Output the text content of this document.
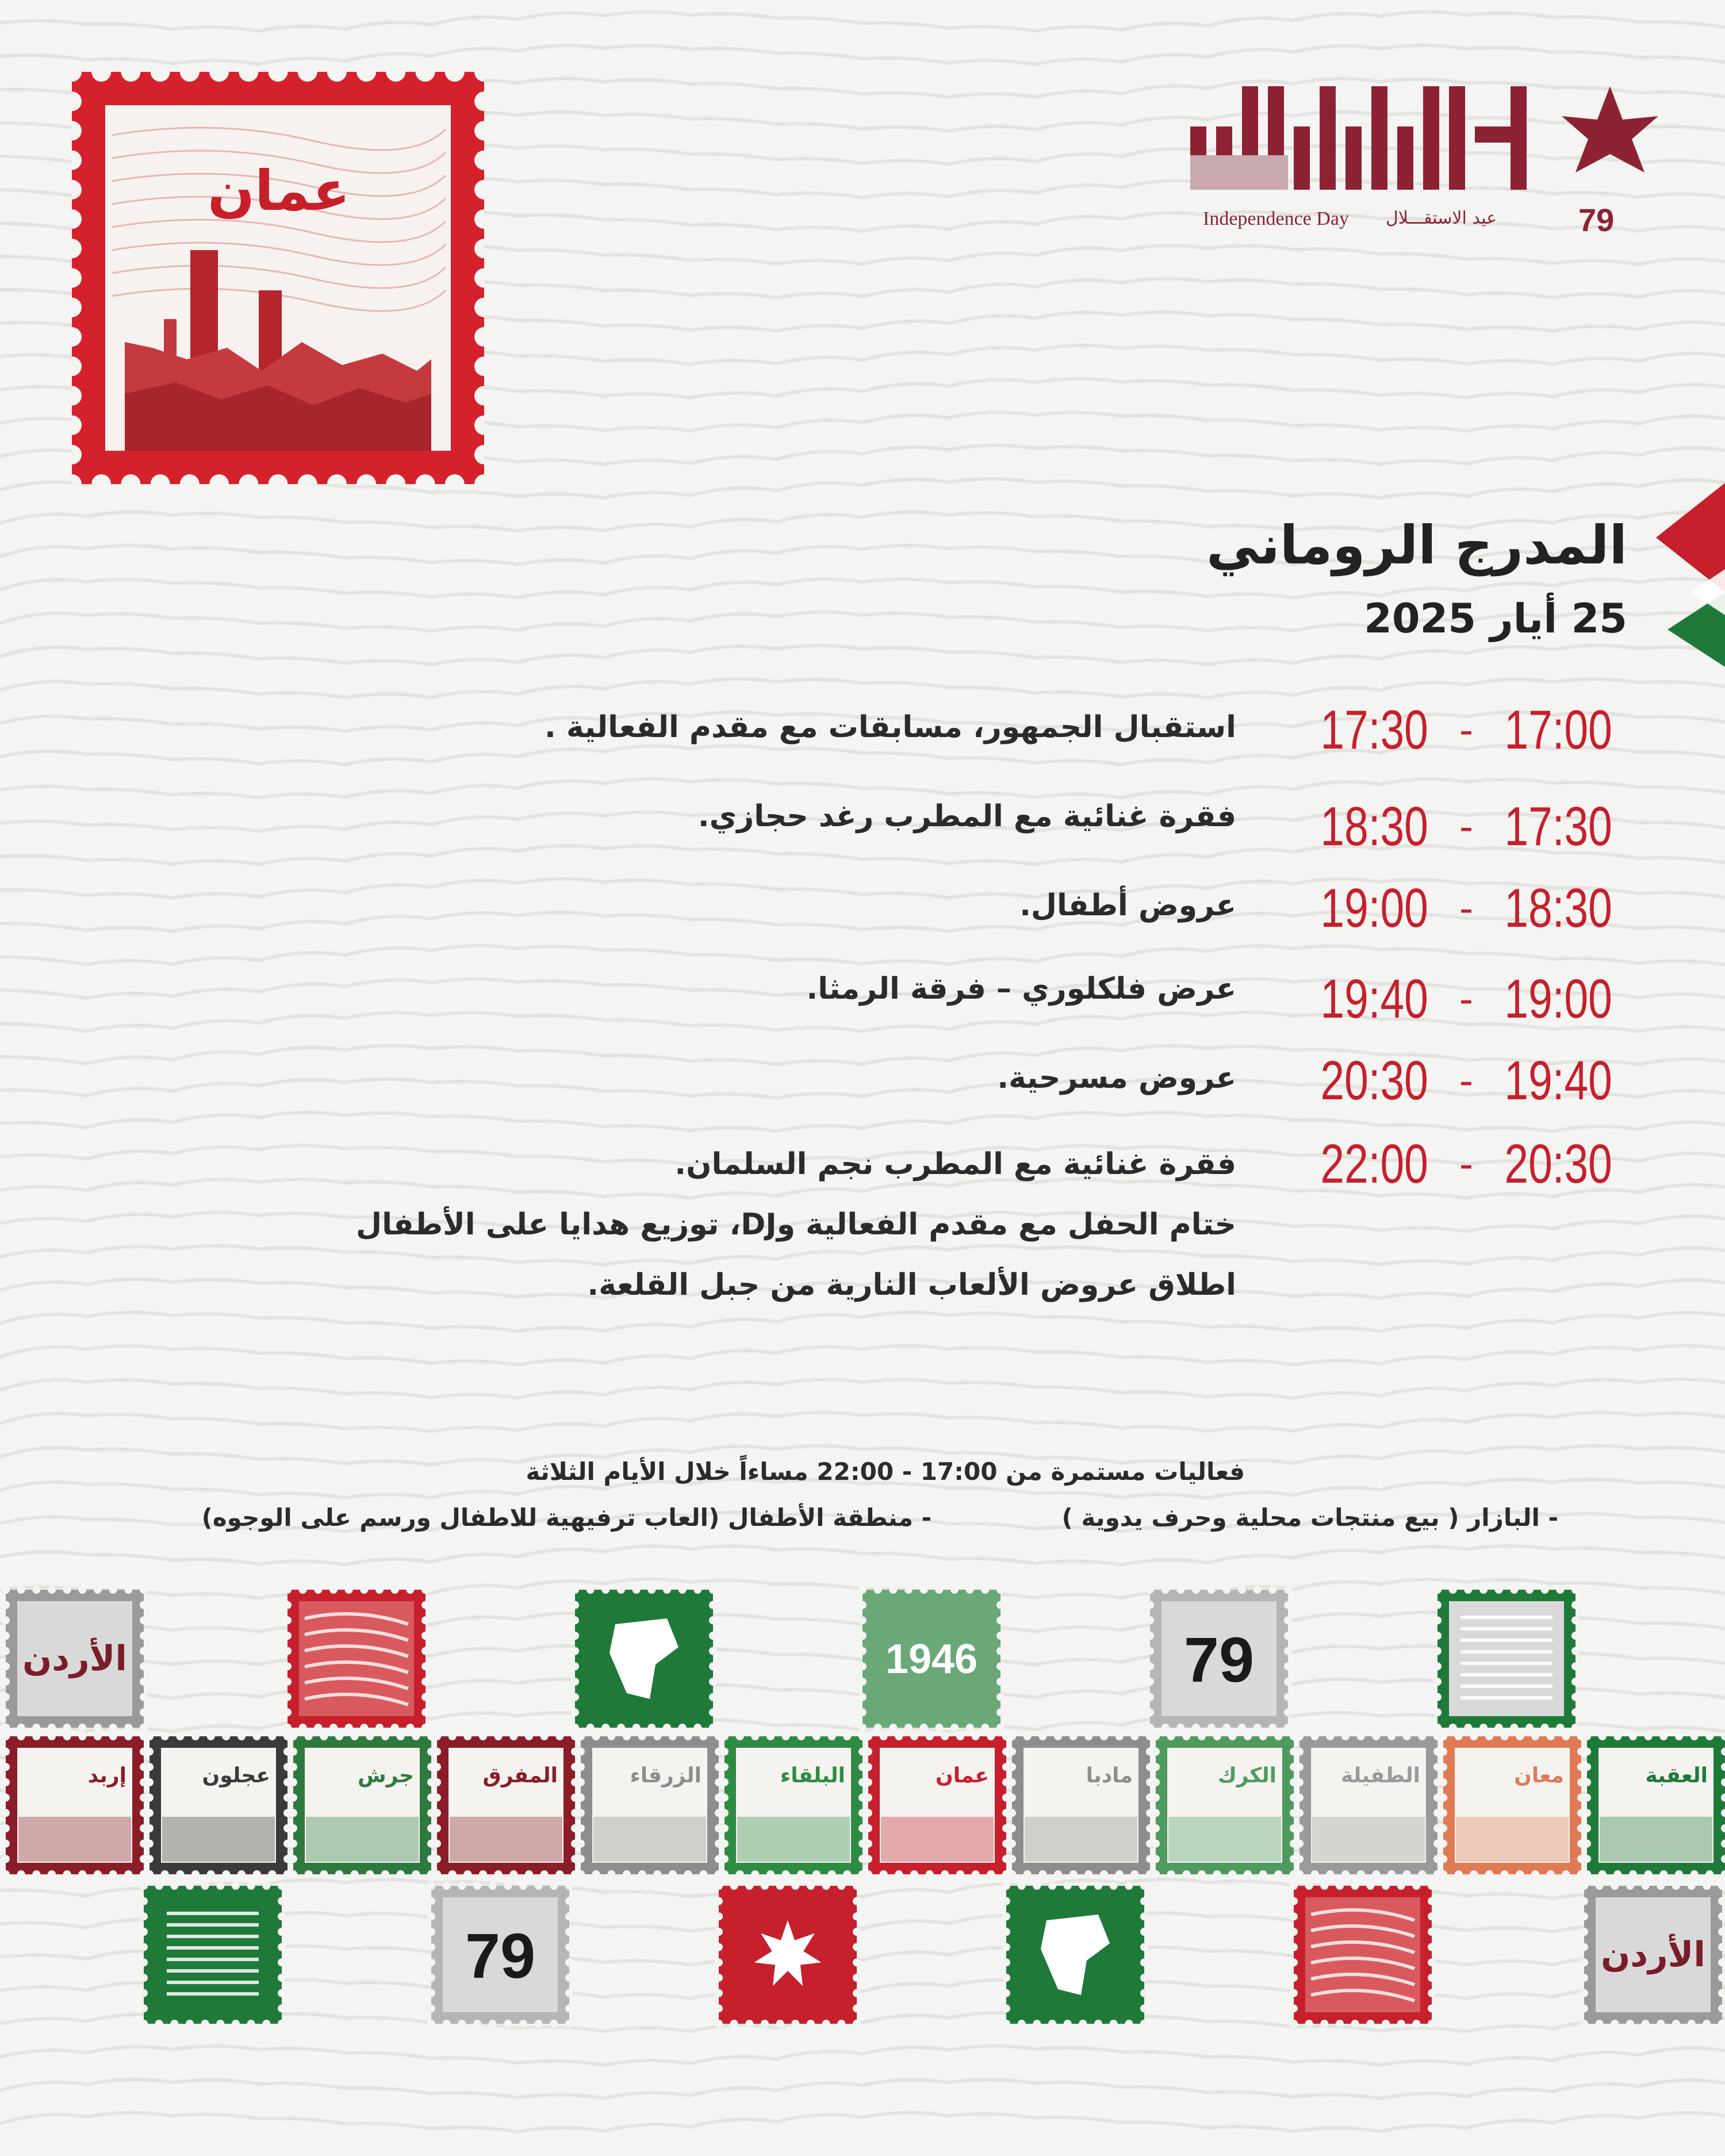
عمان	Independence Day عيد الاستقـــلال	79
المدرج الروماني
25 أيار 2025
17:30 - 17:00
استقبال الجمهور، مسابقات مع مقدم الفعالية .
18:30 - 17:30
فقرة غنائية مع المطرب رغد حجازي.
19:00 - 18:30
عروض أطفال.
19:40 - 19:00
عرض فلكلوري – فرقة الرمثا.
20:30 - 19:40
عروض مسرحية.
22:00 - 20:30
فقرة غنائية مع المطرب نجم السلمان.
ختام الحفل مع مقدم الفعالية وDJ، توزيع هدايا على الأطفال
اطلاق عروض الألعاب النارية من جبل القلعة.
فعاليات مستمرة من 17:00 - 22:00 مساءاً خلال الأيام الثلاثة
- البازار ( بيع منتجات محلية وحرف يدوية )
- منطقة الأطفال (العاب ترفيهية للاطفال ورسم على الوجوه)
العقبة
معان
الطفيلة
الكرك
مادبا
عمان
البلقاء
الزرقاء
المفرق
جرش
عجلون
إربد
الأردن	1946	79
79	الأردن
